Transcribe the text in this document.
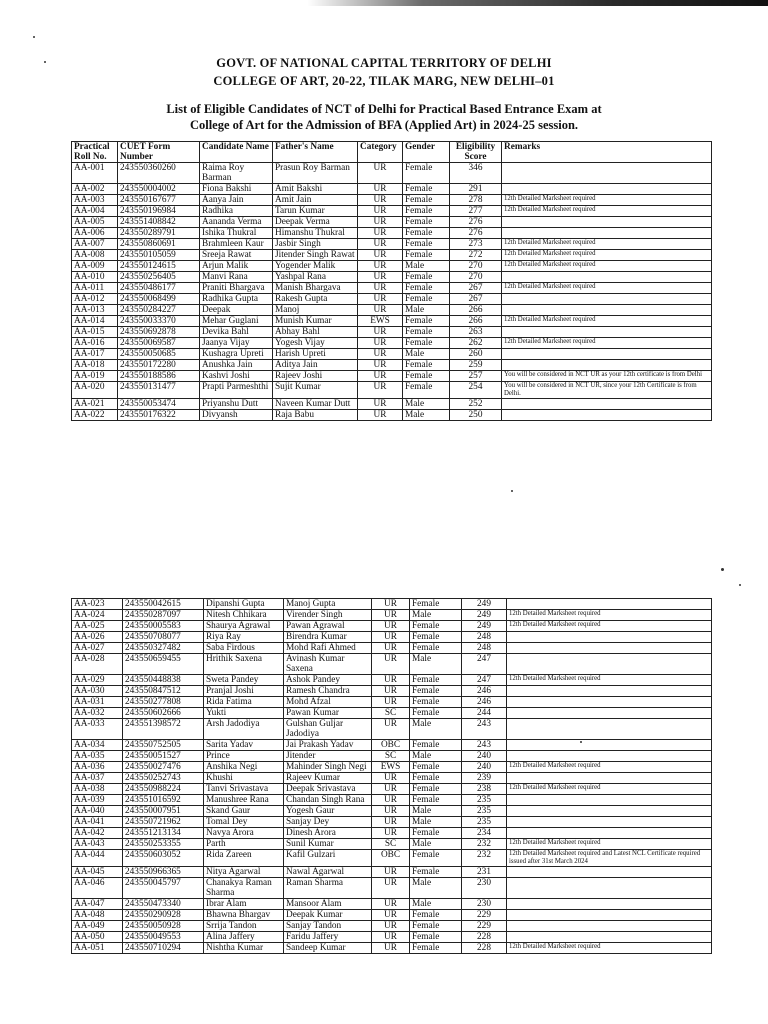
GOVT. OF NATIONAL CAPITAL TERRITORY OF DELHI
COLLEGE OF ART, 20-22, TILAK MARG, NEW DELHI–01
List of Eligible Candidates of NCT of Delhi for Practical Based Entrance Exam at
College of Art for the Admission of BFA (Applied Art) in 2024-25 session.
Practical Roll No.	CUET Form Number	Candidate Name	Father's Name	Category	Gender	Eligibility Score	Remarks
AA-001	243550360260	Raima Roy Barman	Prasun Roy Barman	UR	Female	346	
AA-002	243550004002	Fiona Bakshi	Amit Bakshi	UR	Female	291	
AA-003	243550167677	Aanya Jain	Amit Jain	UR	Female	278	12th Detailed Marksheet required
AA-004	243550196984	Radhika	Tarun Kumar	UR	Female	277	12th Detailed Marksheet required
AA-005	243551408842	Aananda Verma	Deepak Verma	UR	Female	276	
AA-006	243550289791	Ishika Thukral	Himanshu Thukral	UR	Female	276	
AA-007	243550860691	Brahmleen Kaur	Jasbir Singh	UR	Female	273	12th Detailed Marksheet required
AA-008	243550105059	Sreeja Rawat	Jitender Singh Rawat	UR	Female	272	12th Detailed Marksheet required
AA-009	243550124615	Arjun Malik	Yogender Malik	UR	Male	270	12th Detailed Marksheet required
AA-010	243550256405	Manvi Rana	Yashpal Rana	UR	Female	270	
AA-011	243550486177	Praniti Bhargava	Manish Bhargava	UR	Female	267	12th Detailed Marksheet required
AA-012	243550068499	Radhika Gupta	Rakesh Gupta	UR	Female	267	
AA-013	243550284227	Deepak	Manoj	UR	Male	266	
AA-014	243550033370	Mehar Guglani	Munish Kumar	EWS	Female	266	12th Detailed Marksheet required
AA-015	243550692878	Devika Bahl	Abhay Bahl	UR	Female	263	
AA-016	243550069587	Jaanya Vijay	Yogesh Vijay	UR	Female	262	12th Detailed Marksheet required
AA-017	243550050685	Kushagra Upreti	Harish Upreti	UR	Male	260	
AA-018	243550172280	Anushka Jain	Aditya Jain	UR	Female	259	
AA-019	243550188586	Kashvi Joshi	Rajeev Joshi	UR	Female	257	You will be considered in NCT UR as your 12th certificate is from Delhi
AA-020	243550131477	Prapti Parmeshthi	Sujit Kumar	UR	Female	254	You will be considered in NCT UR, since your 12th Certificate is from Delhi.
AA-021	243550053474	Priyanshu Dutt	Naveen Kumar Dutt	UR	Male	252	
AA-022	243550176322	Divyansh	Raja Babu	UR	Male	250	
AA-023	243550042615	Dipanshi Gupta	Manoj Gupta	UR	Female	249	
AA-024	243550287097	Nitesh Chhikara	Virender Singh	UR	Male	249	12th Detailed Marksheet required
AA-025	243550005583	Shaurya Agrawal	Pawan Agrawal	UR	Female	249	12th Detailed Marksheet required
AA-026	243550708077	Riya Ray	Birendra Kumar	UR	Female	248	
AA-027	243550327482	Saba Firdous	Mohd Rafi Ahmed	UR	Female	248	
AA-028	243550659455	Hrithik Saxena	Avinash Kumar Saxena	UR	Male	247	
AA-029	243550448838	Sweta Pandey	Ashok Pandey	UR	Female	247	12th Detailed Marksheet required
AA-030	243550847512	Pranjal Joshi	Ramesh Chandra	UR	Female	246	
AA-031	243550277808	Rida Fatima	Mohd Afzal	UR	Female	246	
AA-032	243550602666	Yukti	Pawan Kumar	SC	Female	244	
AA-033	243551398572	Arsh Jadodiya	Gulshan Guljar Jadodiya	UR	Male	243	
AA-034	243550752505	Sarita Yadav	Jai Prakash Yadav	OBC	Female	243	
AA-035	243550051527	Prince	Jitender	SC	Male	240	
AA-036	243550027476	Anshika Negi	Mahinder Singh Negi	EWS	Female	240	12th Detailed Marksheet required
AA-037	243550252743	Khushi	Rajeev Kumar	UR	Female	239	
AA-038	243550988224	Tanvi Srivastava	Deepak Srivastava	UR	Female	238	12th Detailed Marksheet required
AA-039	243551016592	Manushree Rana	Chandan Singh Rana	UR	Female	235	
AA-040	243550007951	Skand Gaur	Yogesh Gaur	UR	Male	235	
AA-041	243550721962	Tomal Dey	Sanjay Dey	UR	Male	235	
AA-042	243551213134	Navya Arora	Dinesh Arora	UR	Female	234	
AA-043	243550253355	Parth	Sunil Kumar	SC	Male	232	12th Detailed Marksheet required
AA-044	243550603052	Rida Zareen	Kafil Gulzari	OBC	Female	232	12th Detailed Marksheet required and Latest NCL Certificate required issued after 31st March 2024
AA-045	243550966365	Nitya Agarwal	Nawal Agarwal	UR	Female	231	
AA-046	243550045797	Chanakya Raman Sharma	Raman Sharma	UR	Male	230	
AA-047	243550473340	Ibrar Alam	Mansoor Alam	UR	Male	230	
AA-048	243550290928	Bhawna Bhargav	Deepak Kumar	UR	Female	229	
AA-049	243550050928	Srrija Tandon	Sanjay Tandon	UR	Female	229	
AA-050	243550049553	Alina Jaffery	Faridu Jaffery	UR	Female	228	
AA-051	243550710294	Nishtha Kumar	Sandeep Kumar	UR	Female	228	12th Detailed Marksheet required
